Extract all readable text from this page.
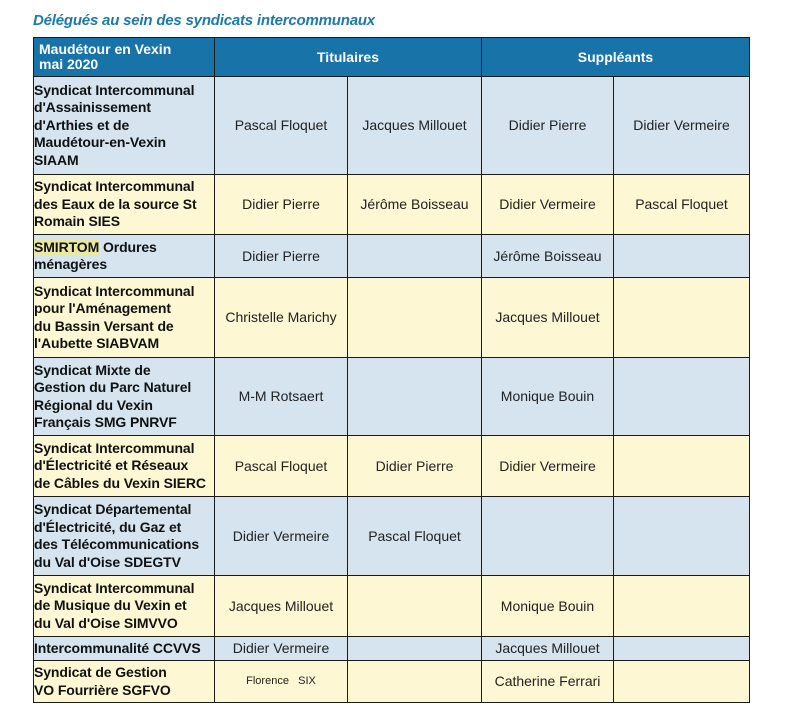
Délégués au sein des syndicats intercommunaux
Maudétour en Vexin
mai 2020	Titulaires		Suppléants	
Syndicat Intercommunal
d'Assainissement
d'Arthies et de
Maudétour-en-Vexin
SIAAM	Pascal Floquet	Jacques Millouet	Didier Pierre	Didier Vermeire
Syndicat Intercommunal
des Eaux de la source St
Romain SIES	Didier Pierre	Jérôme Boisseau	Didier Vermeire	Pascal Floquet
SMIRTOM Ordures
ménagères	Didier Pierre		Jérôme Boisseau	
Syndicat Intercommunal
pour l'Aménagement
du Bassin Versant de
l'Aubette SIABVAM	Christelle Marichy		Jacques Millouet	
Syndicat Mixte de
Gestion du Parc Naturel
Régional du Vexin
Français SMG PNRVF	M-M Rotsaert		Monique Bouin	
Syndicat Intercommunal
d'Électricité et Réseaux
de Câbles du Vexin SIERC	Pascal Floquet	Didier Pierre	Didier Vermeire	
Syndicat Départemental
d'Électricité, du Gaz et
des Télécommunications
du Val d'Oise SDEGTV	Didier Vermeire	Pascal Floquet		
Syndicat Intercommunal
de Musique du Vexin et
du Val d'Oise SIMVVO	Jacques Millouet		Monique Bouin	
Intercommunalité CCVVS	Didier Vermeire		Jacques Millouet	
Syndicat de Gestion
VO Fourrière SGFVO	Florence   SIX		Catherine Ferrari	
